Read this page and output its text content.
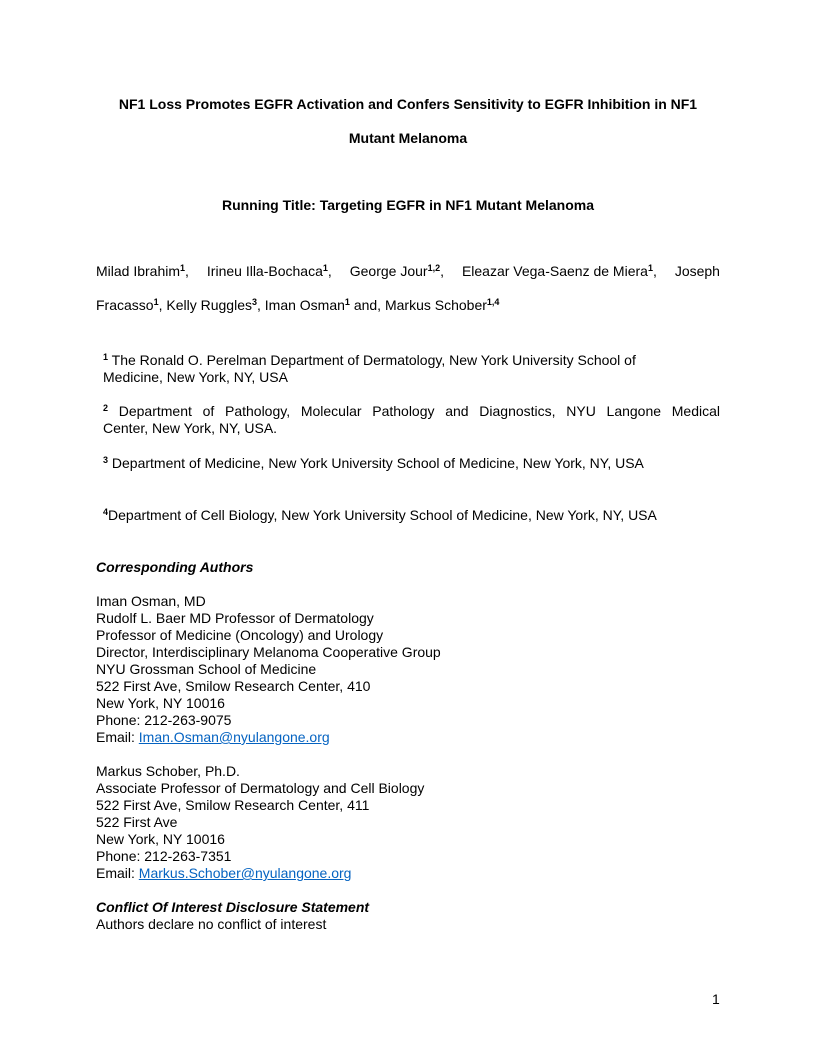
NF1 Loss Promotes EGFR Activation and Confers Sensitivity to EGFR Inhibition in NF1

Mutant Melanoma

Running Title: Targeting EGFR in NF1 Mutant Melanoma

Milad Ibrahim$^1$, Irineu Illa-Bochaca$^1$, George Jour$^{1,2}$, Eleazar Vega-Saenz de Miera$^1$, Joseph
Fracasso$^1$, Kelly Ruggles$^3$, Iman Osman$^1$ and, Markus Schober$^{1,4}$
$^1$ The Ronald O. Perelman Department of Dermatology, New York University School of
Medicine, New York, NY, USA
$^2$ Department of Pathology, Molecular Pathology and Diagnostics, NYU Langone Medical
Center, New York, NY, USA.
$^3$ Department of Medicine, New York University School of Medicine, New York, NY, USA
$^4$Department of Cell Biology, New York University School of Medicine, New York, NY, USA

Corresponding Authors

Iman Osman, MD
Rudolf L. Baer MD Professor of Dermatology
Professor of Medicine (Oncology) and Urology
Director, Interdisciplinary Melanoma Cooperative Group
NYU Grossman School of Medicine
522 First Ave, Smilow Research Center, 410
New York, NY 10016
Phone: 212-263-9075
Email: Iman.Osman@nyulangone.org
Markus Schober, Ph.D.
Associate Professor of Dermatology and Cell Biology
522 First Ave, Smilow Research Center, 411
522 First Ave
New York, NY 10016
Phone: 212-263-7351
Email: Markus.Schober@nyulangone.org

Conflict Of Interest Disclosure Statement

Authors declare no conflict of interest
1
